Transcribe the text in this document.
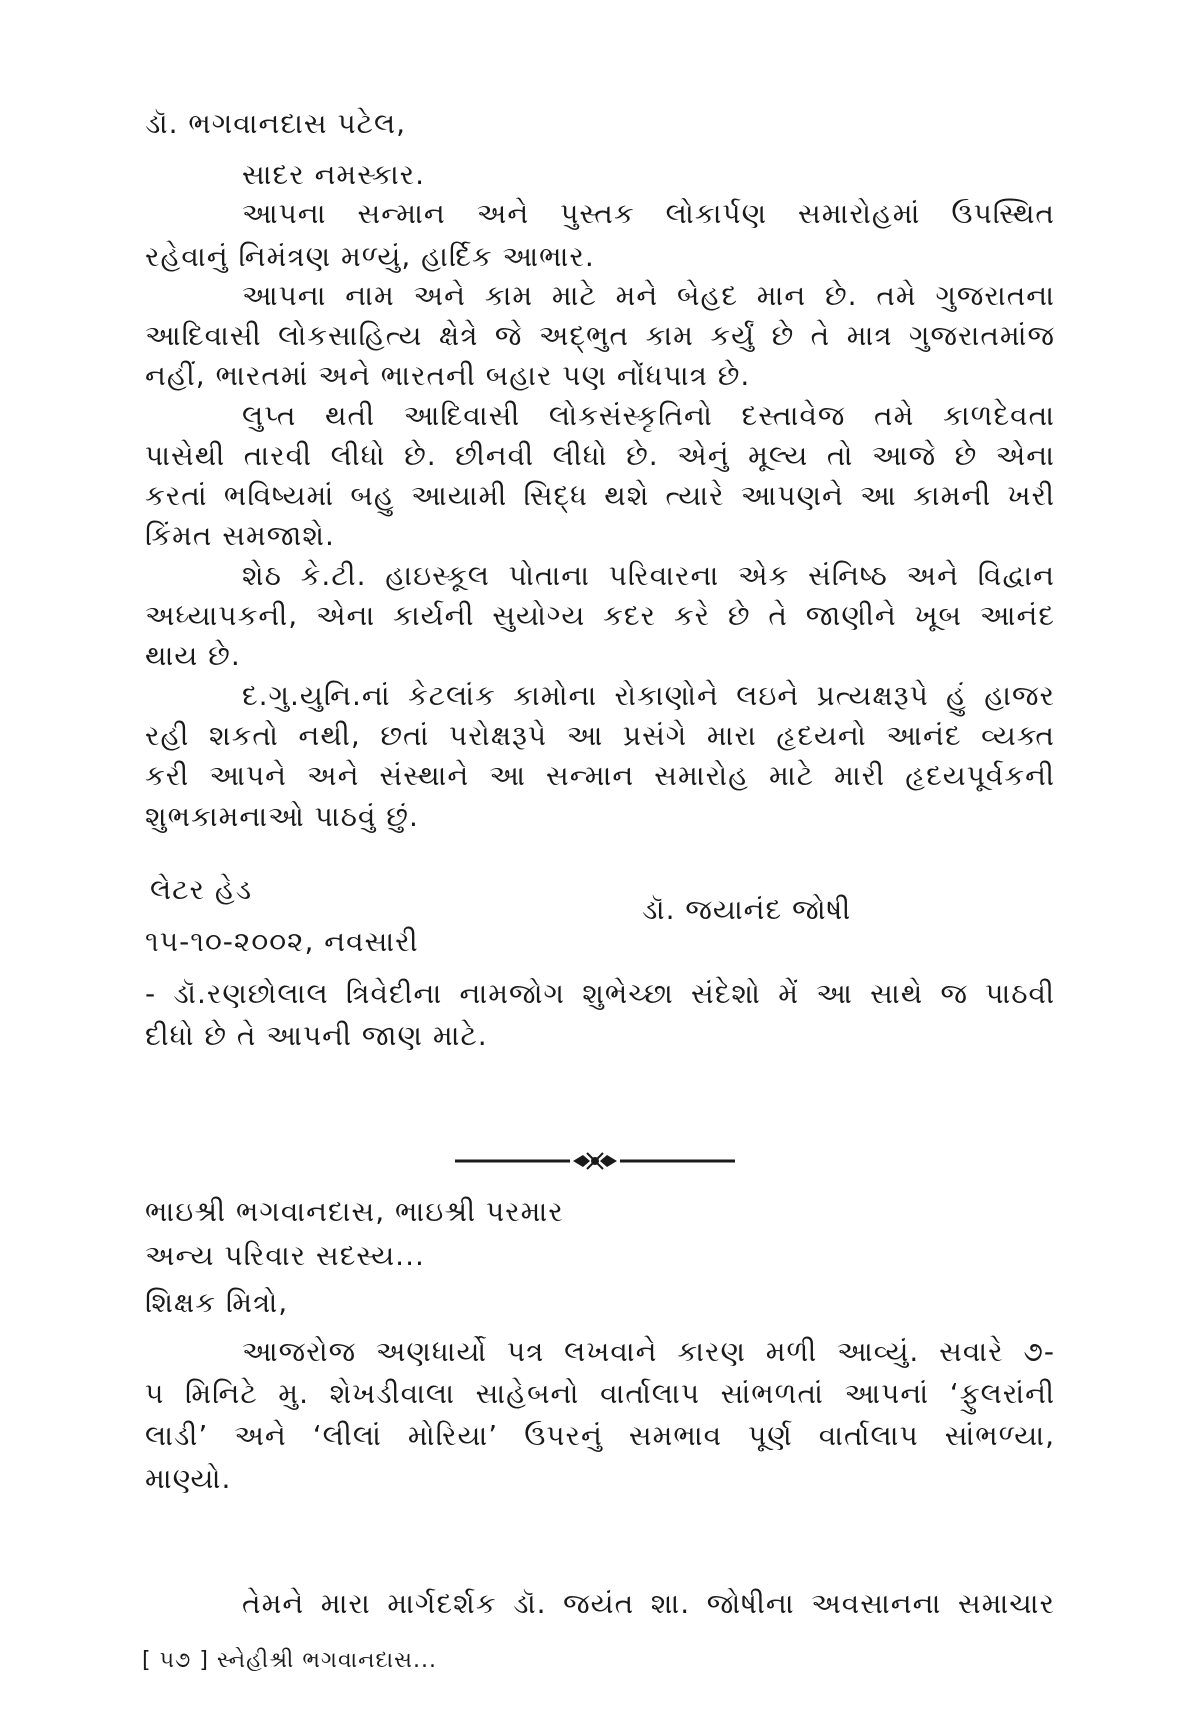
ડૉ. ભગવાનદાસ પટેલ,
સાદર નમસ્કાર.
આપના સન્માન અને પુસ્તક લોકાર્પણ સમારોહમાં ઉપસ્થિત
રહેવાનું નિમંત્રણ મળ્યું, હાર્દિક આભાર.
આપના નામ અને કામ માટે મને બેહદ માન છે. તમે ગુજરાતના
આદિવાસી લોકસાહિત્ય ક્ષેત્રે જે અદ્‌ભુત કામ કર્યું છે તે માત્ર ગુજરાતમાંજ
નહીં, ભારતમાં અને ભારતની બહાર પણ નોંધપાત્ર છે.
લુપ્ત થતી આદિવાસી લોકસંસ્કૃતિનો દસ્તાવેજ તમે કાળદેવતા
પાસેથી તારવી લીધો છે. છીનવી લીધો છે. એનું મૂલ્ય તો આજે છે એના
કરતાં ભવિષ્યમાં બહુ આયામી સિદ્ધ થશે ત્યારે આપણને આ કામની ખરી
કિંમત સમજાશે.
શેઠ કે.ટી. હાઇસ્કૂલ પોતાના પરિવારના એક સંનિષ્ઠ અને વિદ્વાન
અધ્યાપકની, એના કાર્યની સુયોગ્ય કદર કરે છે તે જાણીને ખૂબ આનંદ
થાય છે.
દ.ગુ.યુનિ.નાં કેટલાંક કામોના રોકાણોને લઇને પ્રત્યક્ષરૂપે હું હાજર
રહી શકતો નથી, છતાં પરોક્ષરૂપે આ પ્રસંગે મારા હૃદયનો આનંદ વ્યક્ત
કરી આપને અને સંસ્થાને આ સન્માન સમારોહ માટે મારી હૃદયપૂર્વકની
શુભકામનાઓ પાઠવું છું.
લેટર હેડ
ડૉ. જયાનંદ જોષી
૧૫-૧૦-૨૦૦૨, નવસારી
- ડૉ.રણછોલાલ ત્રિવેદીના નામજોગ શુભેચ્છા સંદેશો મેં આ સાથે જ પાઠવી
દીધો છે તે આપની જાણ માટે.
ભાઇશ્રી ભગવાનદાસ, ભાઇશ્રી પરમાર
અન્ય પરિવાર સદસ્ય...
શિક્ષક મિત્રો,
આજરોજ અણધાર્યો પત્ર લખવાને કારણ મળી આવ્યું. સવારે ૭-
૫ મિનિટે મુ. શેખડીવાલા સાહેબનો વાર્તાલાપ સાંભળતાં આપનાં ‘ફુલરાંની
લાડી’ અને ‘લીલાં મોરિયા’ ઉપરનું સમભાવ પૂર્ણ વાર્તાલાપ સાંભળ્યા,
માણ્યો.
તેમને મારા માર્ગદર્શક ડૉ. જયંત શા. જોષીના અવસાનના સમાચાર
[ ૫૭ ] સ્નેહીશ્રી ભગવાનદાસ...
